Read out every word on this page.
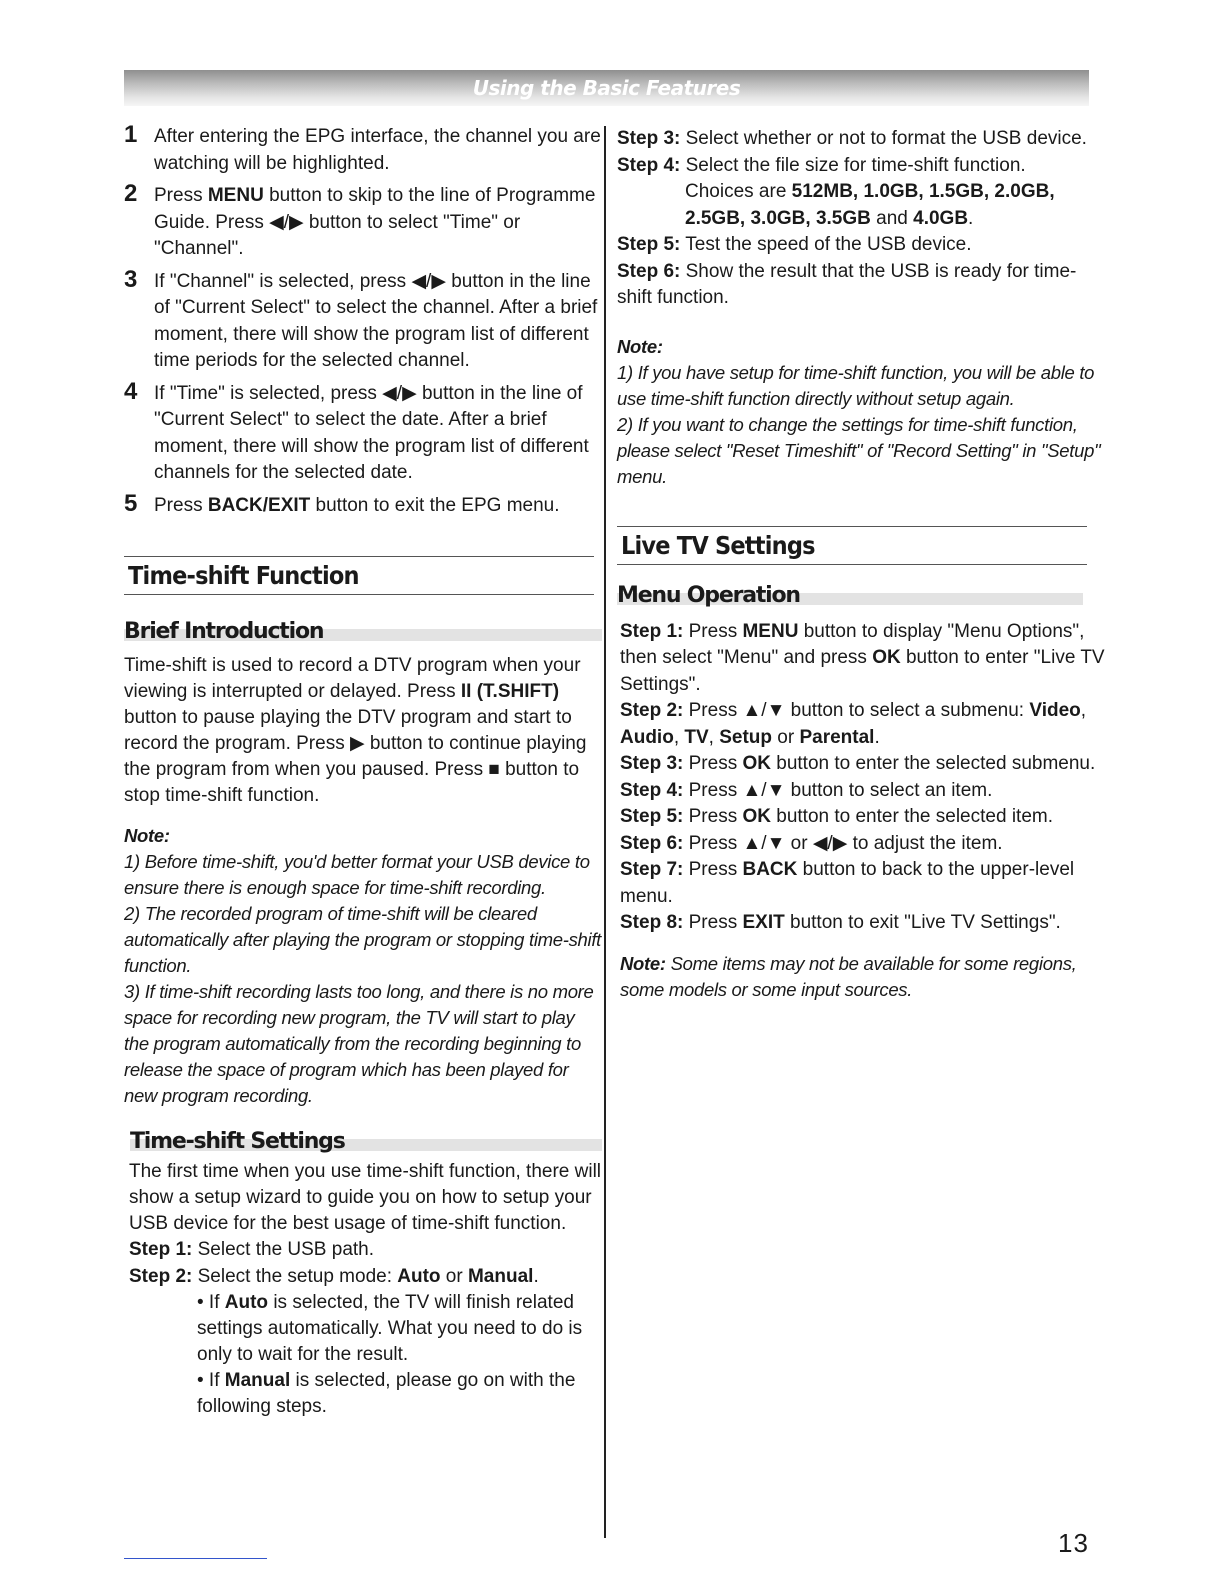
Using the Basic Features
1 After entering the EPG interface, the channel you are watching will be highlighted.
2 Press MENU button to skip to the line of Programme Guide. Press ◀/▶ button to select "Time" or "Channel".
3 If "Channel" is selected, press ◀/▶ button in the line of "Current Select" to select the channel. After a brief moment, there will show the program list of different time periods for the selected channel.
4 If "Time" is selected, press ◀/▶ button in the line of "Current Select" to select the date. After a brief moment, there will show the program list of different channels for the selected date.
5 Press BACK/EXIT button to exit the EPG menu.
Time-shift Function
Brief Introduction
Time-shift is used to record a DTV program when your viewing is interrupted or delayed. Press II (T.SHIFT) button to pause playing the DTV program and start to record the program. Press ▶ button to continue playing the program from when you paused. Press ■ button to stop time-shift function.
Note:
1) Before time-shift, you'd better format your USB device to ensure there is enough space for time-shift recording.
2) The recorded program of time-shift will be cleared automatically after playing the program or stopping time-shift function.
3) If time-shift recording lasts too long, and there is no more space for recording new program, the TV will start to play the program automatically from the recording beginning to release the space of program which has been played for new program recording.
Time-shift Settings
The first time when you use time-shift function, there will show a setup wizard to guide you on how to setup your USB device for the best usage of time-shift function.
Step 1: Select the USB path.
Step 2: Select the setup mode: Auto or Manual.
• If Auto is selected, the TV will finish related settings automatically. What you need to do is only to wait for the result.
• If Manual is selected, please go on with the following steps.
Step 3: Select whether or not to format the USB device.
Step 4: Select the file size for time-shift function.
Choices are 512MB, 1.0GB, 1.5GB, 2.0GB, 2.5GB, 3.0GB, 3.5GB and 4.0GB.
Step 5: Test the speed of the USB device.
Step 6: Show the result that the USB is ready for time-shift function.
Note:
1) If you have setup for time-shift function, you will be able to use time-shift function directly without setup again.
2) If you want to change the settings for time-shift function, please select "Reset Timeshift" of "Record Setting" in "Setup" menu.
Live TV Settings
Menu Operation
Step 1: Press MENU button to display "Menu Options", then select "Menu" and press OK button to enter "Live TV Settings".
Step 2: Press ▲/▼ button to select a submenu: Video, Audio, TV, Setup or Parental.
Step 3: Press OK button to enter the selected submenu.
Step 4: Press ▲/▼ button to select an item.
Step 5: Press OK button to enter the selected item.
Step 6: Press ▲/▼ or ◀/▶ to adjust the item.
Step 7: Press BACK button to back to the upper-level menu.
Step 8: Press EXIT button to exit "Live TV Settings".
Note: Some items may not be available for some regions, some models or some input sources.
13
